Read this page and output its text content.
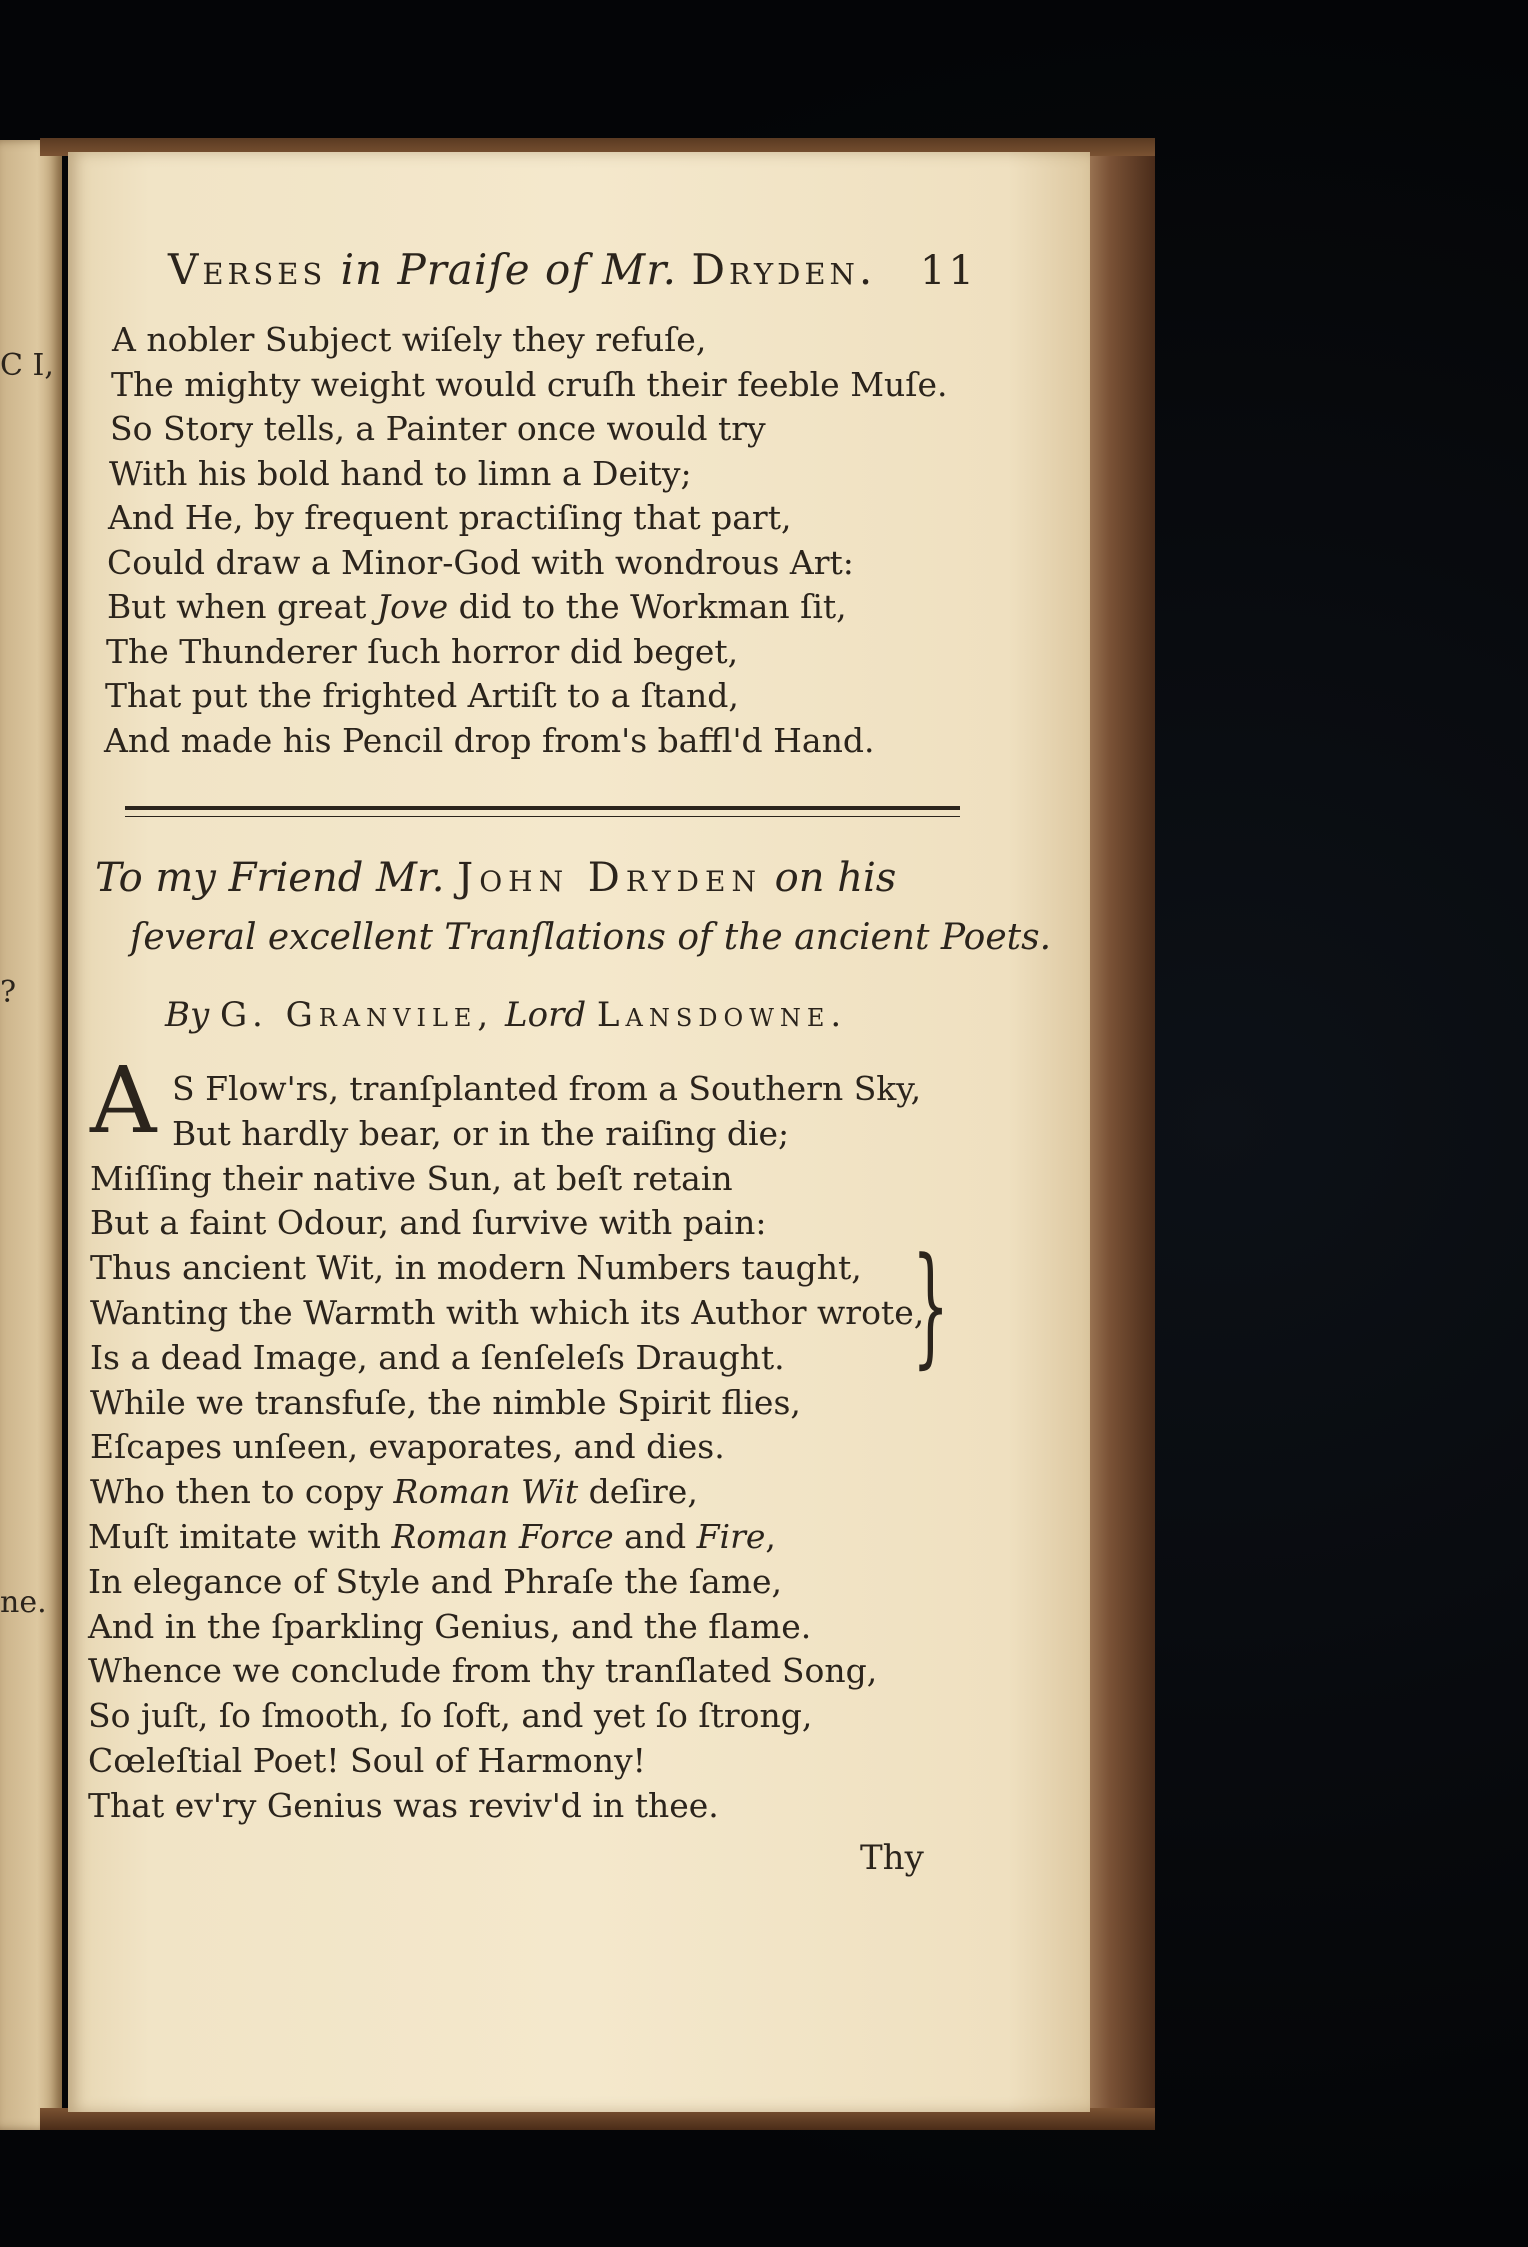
C I,
?
ne.
Verses in Praiſe of Mr. Dryden.	11
A nobler Subject wiſely they refuſe,
The mighty weight would cruſh their feeble Muſe.
So Story tells, a Painter once would try
With his bold hand to limn a Deity;
And He, by frequent practiſing that part,
Could draw a Minor-God with wondrous Art:
But when great Jove did to the Workman ſit,
The Thunderer ſuch horror did beget,
That put the frighted Artiſt to a ſtand,
And made his Pencil drop from's baffl'd Hand.
To my Friend Mr. John Dryden on his
ſeveral excellent Tranſlations of the ancient Poets.
By G. Granvile, Lord Lansdowne.
A S Flow'rs, tranſplanted from a Southern Sky,
But hardly bear, or in the raiſing die;
Miſſing their native Sun, at beſt retain
But a faint Odour, and ſurvive with pain:
Thus ancient Wit, in modern Numbers taught,
Wanting the Warmth with which its Author wrote,
Is a dead Image, and a ſenſeleſs Draught.
While we transfuſe, the nimble Spirit flies,
Eſcapes unſeen, evaporates, and dies.
Who then to copy Roman Wit deſire,
Muſt imitate with Roman Force and Fire,
In elegance of Style and Phraſe the ſame,
And in the ſparkling Genius, and the flame.
Whence we conclude from thy tranſlated Song,
So juſt, ſo ſmooth, ſo ſoft, and yet ſo ſtrong,
Cœleſtial Poet! Soul of Harmony!
That ev'ry Genius was reviv'd in thee.
}
Thy
